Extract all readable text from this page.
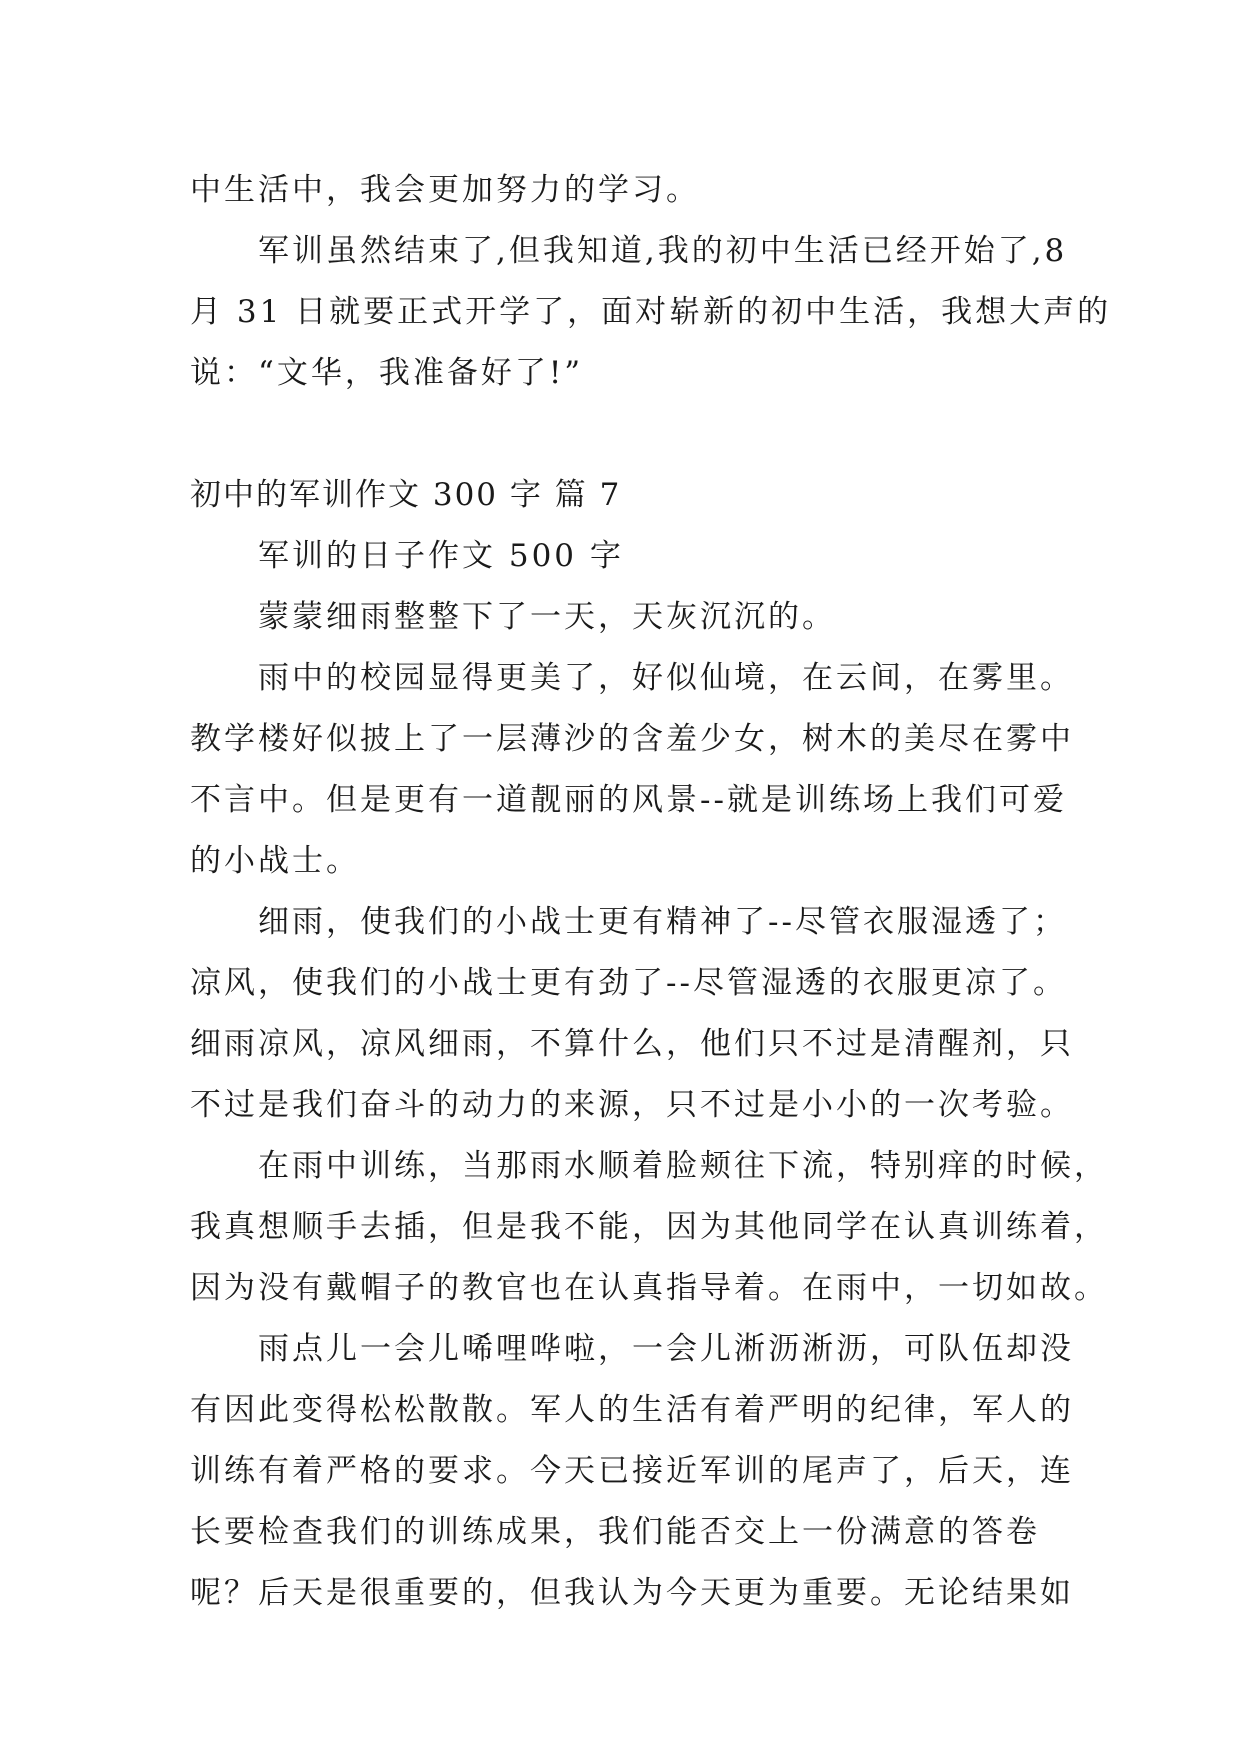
中生活中，我会更加努力的学习。
军训虽然结束了,但我知道,我的初中生活已经开始了,8
月 31 日就要正式开学了，面对崭新的初中生活，我想大声的
说：“文华，我准备好了!”
初中的军训作文 300 字 篇 7
军训的日子作文 500 字
蒙蒙细雨整整下了一天，天灰沉沉的。
雨中的校园显得更美了，好似仙境，在云间，在雾里。
教学楼好似披上了一层薄沙的含羞少女，树木的美尽在雾中
不言中。但是更有一道靓丽的风景--就是训练场上我们可爱
的小战士。
细雨，使我们的小战士更有精神了--尽管衣服湿透了；
凉风，使我们的小战士更有劲了--尽管湿透的衣服更凉了。
细雨凉风，凉风细雨，不算什么，他们只不过是清醒剂，只
不过是我们奋斗的动力的来源，只不过是小小的一次考验。
在雨中训练，当那雨水顺着脸颊往下流，特别痒的时候，
我真想顺手去插，但是我不能，因为其他同学在认真训练着，
因为没有戴帽子的教官也在认真指导着。在雨中，一切如故。
雨点儿一会儿唏哩哗啦，一会儿淅沥淅沥，可队伍却没
有因此变得松松散散。军人的生活有着严明的纪律，军人的
训练有着严格的要求。今天已接近军训的尾声了，后天，连
长要检查我们的训练成果，我们能否交上一份满意的答卷
呢？后天是很重要的，但我认为今天更为重要。无论结果如
